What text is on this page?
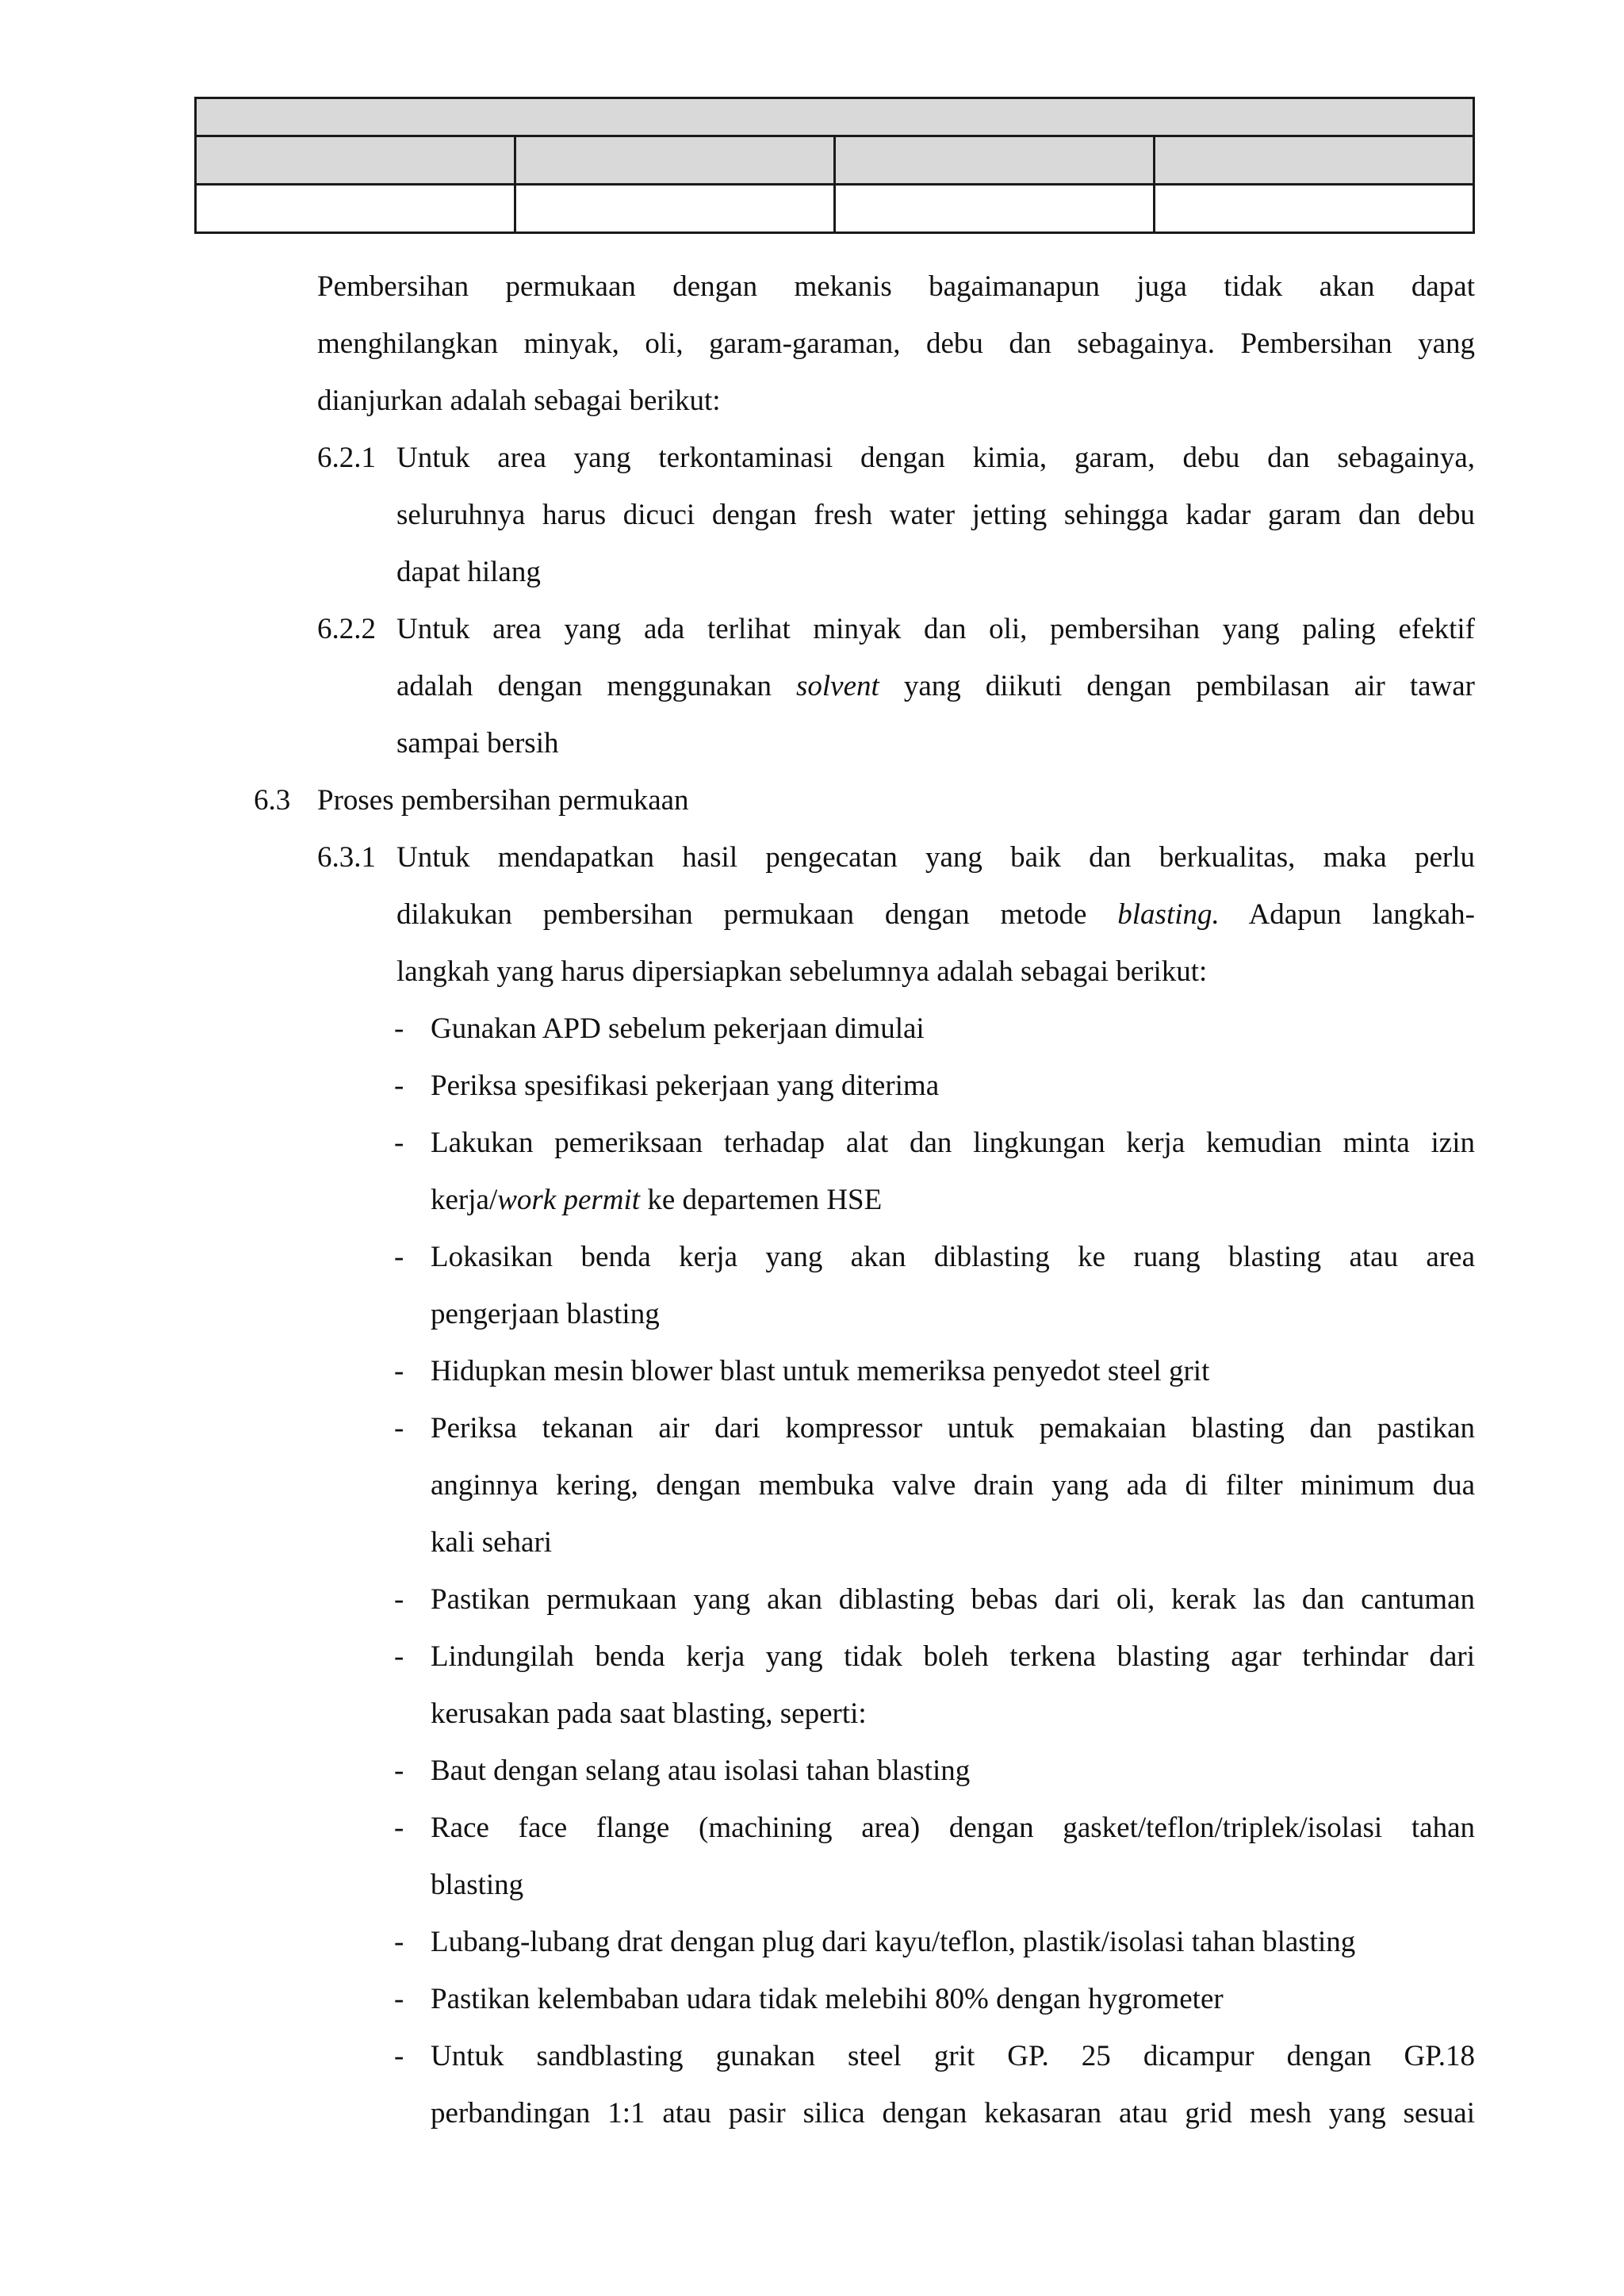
Pembersihan permukaan dengan mekanis bagaimanapun juga tidak akan dapat
menghilangkan minyak, oli, garam-garaman, debu dan sebagainya. Pembersihan yang
dianjurkan adalah sebagai berikut:
6.2.1 Untuk area yang terkontaminasi dengan kimia, garam, debu dan sebagainya,
seluruhnya harus dicuci dengan fresh water jetting sehingga kadar garam dan debu
dapat hilang
6.2.2 Untuk area yang ada terlihat minyak dan oli, pembersihan yang paling efektif
adalah dengan menggunakan solvent yang diikuti dengan pembilasan air tawar
sampai bersih
6.3 Proses pembersihan permukaan
6.3.1 Untuk mendapatkan hasil pengecatan yang baik dan berkualitas, maka perlu
dilakukan pembersihan permukaan dengan metode blasting. Adapun langkah-
langkah yang harus dipersiapkan sebelumnya adalah sebagai berikut:
- Gunakan APD sebelum pekerjaan dimulai
- Periksa spesifikasi pekerjaan yang diterima
- Lakukan pemeriksaan terhadap alat dan lingkungan kerja kemudian minta izin
kerja/work permit ke departemen HSE
- Lokasikan benda kerja yang akan diblasting ke ruang blasting atau area
pengerjaan blasting
- Hidupkan mesin blower blast untuk memeriksa penyedot steel grit
- Periksa tekanan air dari kompressor untuk pemakaian blasting dan pastikan
anginnya kering, dengan membuka valve drain yang ada di filter minimum dua
kali sehari
- Pastikan permukaan yang akan diblasting bebas dari oli, kerak las dan cantuman
- Lindungilah benda kerja yang tidak boleh terkena blasting agar terhindar dari
kerusakan pada saat blasting, seperti:
- Baut dengan selang atau isolasi tahan blasting
- Race face flange (machining area) dengan gasket/teflon/triplek/isolasi tahan
blasting
- Lubang-lubang drat dengan plug dari kayu/teflon, plastik/isolasi tahan blasting
- Pastikan kelembaban udara tidak melebihi 80% dengan hygrometer
- Untuk sandblasting gunakan steel grit GP. 25 dicampur dengan GP.18
perbandingan 1:1 atau pasir silica dengan kekasaran atau grid mesh yang sesuai
